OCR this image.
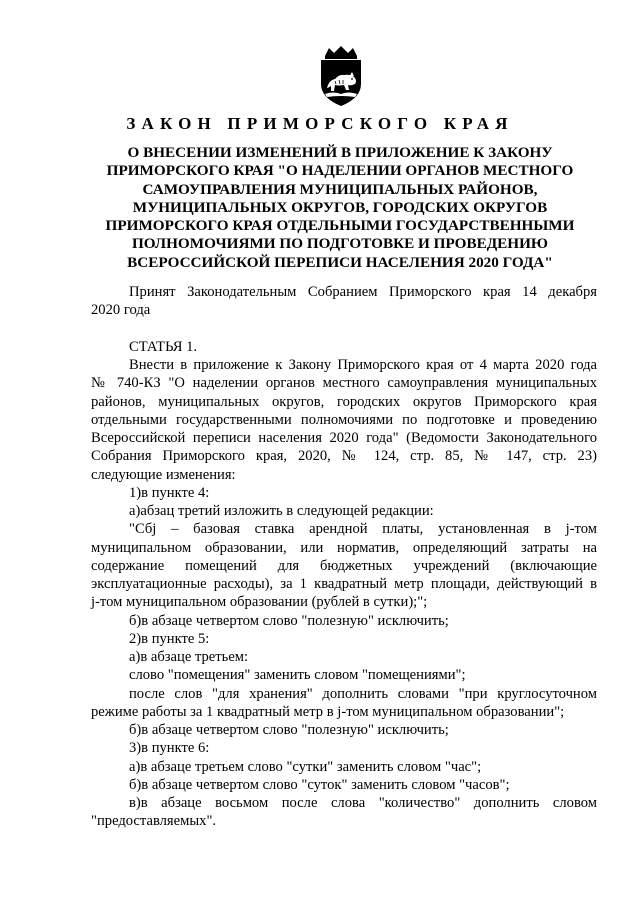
ЗАКОН ПРИМОРСКОГО КРАЯ
О ВНЕСЕНИИ ИЗМЕНЕНИЙ В ПРИЛОЖЕНИЕ К ЗАКОНУ
ПРИМОРСКОГО КРАЯ "О НАДЕЛЕНИИ ОРГАНОВ МЕСТНОГО
САМОУПРАВЛЕНИЯ МУНИЦИПАЛЬНЫХ РАЙОНОВ,
МУНИЦИПАЛЬНЫХ ОКРУГОВ, ГОРОДСКИХ ОКРУГОВ
ПРИМОРСКОГО КРАЯ ОТДЕЛЬНЫМИ ГОСУДАРСТВЕННЫМИ
ПОЛНОМОЧИЯМИ ПО ПОДГОТОВКЕ И ПРОВЕДЕНИЮ
ВСЕРОССИЙСКОЙ ПЕРЕПИСИ НАСЕЛЕНИЯ 2020 ГОДА"
Принят Законодательным Собранием Приморского края 14 декабря
2020 года
СТАТЬЯ 1.
Внести в приложение к Закону Приморского края от 4 марта 2020 года
№ 740-КЗ "О наделении органов местного самоуправления муниципальных
районов, муниципальных округов, городских округов Приморского края
отдельными государственными полномочиями по подготовке и проведению
Всероссийской переписи населения 2020 года" (Ведомости Законодательного
Собрания Приморского края, 2020, № 124, стр. 85, № 147, стр. 23)
следующие изменения:
1)в пункте 4:
а)абзац третий изложить в следующей редакции:
"Сбj – базовая ставка арендной платы, установленная в j-том
муниципальном образовании, или норматив, определяющий затраты на
содержание помещений для бюджетных учреждений (включающие
эксплуатационные расходы), за 1 квадратный метр площади, действующий в
j-том муниципальном образовании (рублей в сутки);";
б)в абзаце четвертом слово "полезную" исключить;
2)в пункте 5:
а)в абзаце третьем:
слово "помещения" заменить словом "помещениями";
после слов "для хранения" дополнить словами "при круглосуточном
режиме работы за 1 квадратный метр в j-том муниципальном образовании";
б)в абзаце четвертом слово "полезную" исключить;
3)в пункте 6:
а)в абзаце третьем слово "сутки" заменить словом "час";
б)в абзаце четвертом слово "суток" заменить словом "часов";
в)в абзаце восьмом после слова "количество" дополнить словом
"предоставляемых".
